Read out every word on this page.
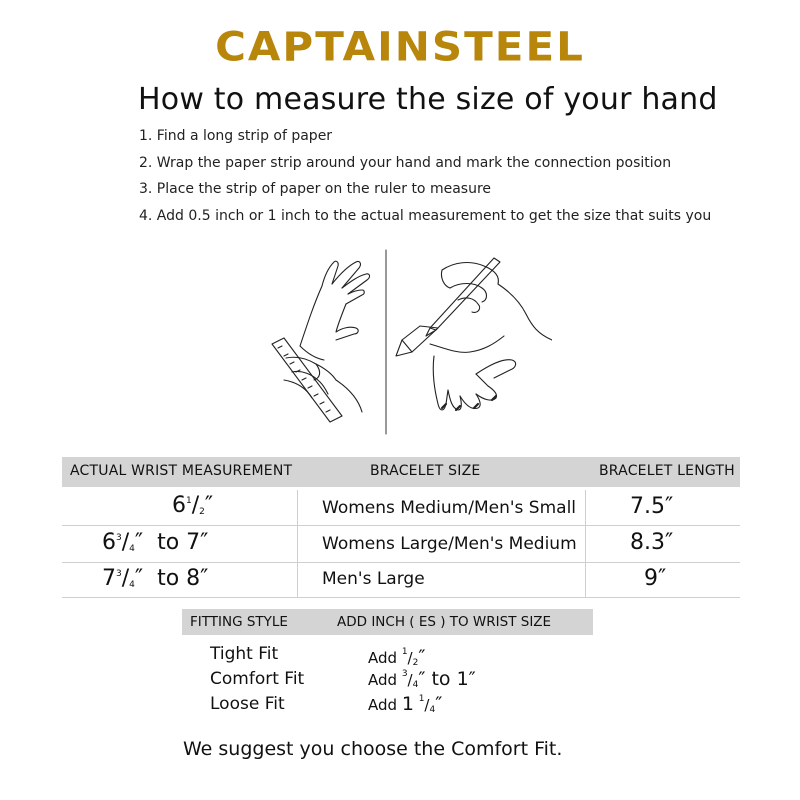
CAPTAINSTEEL
How to measure the size of your hand
1. Find a long strip of paper
2. Wrap the paper strip around your hand and mark the connection position
3. Place the strip of paper on the ruler to measure
4. Add 0.5 inch or 1 inch to the actual measurement to get the size that suits you
ACTUAL WRIST MEASUREMENT	BRACELET SIZE	BRACELET LENGTH
$6^1/_2''$	Womens Medium/Men's Small 7.5″
$6^3/_4''$  to 7″	Womens Large/Men's Medium 8.3″
$7^3/_4''$  to 8″	Men's Large	9″
FITTING STYLE	ADD INCH ( ES ) TO WRIST SIZE
Tight Fit	Add $^1/_2''$
Comfort Fit	Add $^3/_4''$ to 1″
Loose Fit	Add 1 $^1/_4''$
We suggest you choose the Comfort Fit.
